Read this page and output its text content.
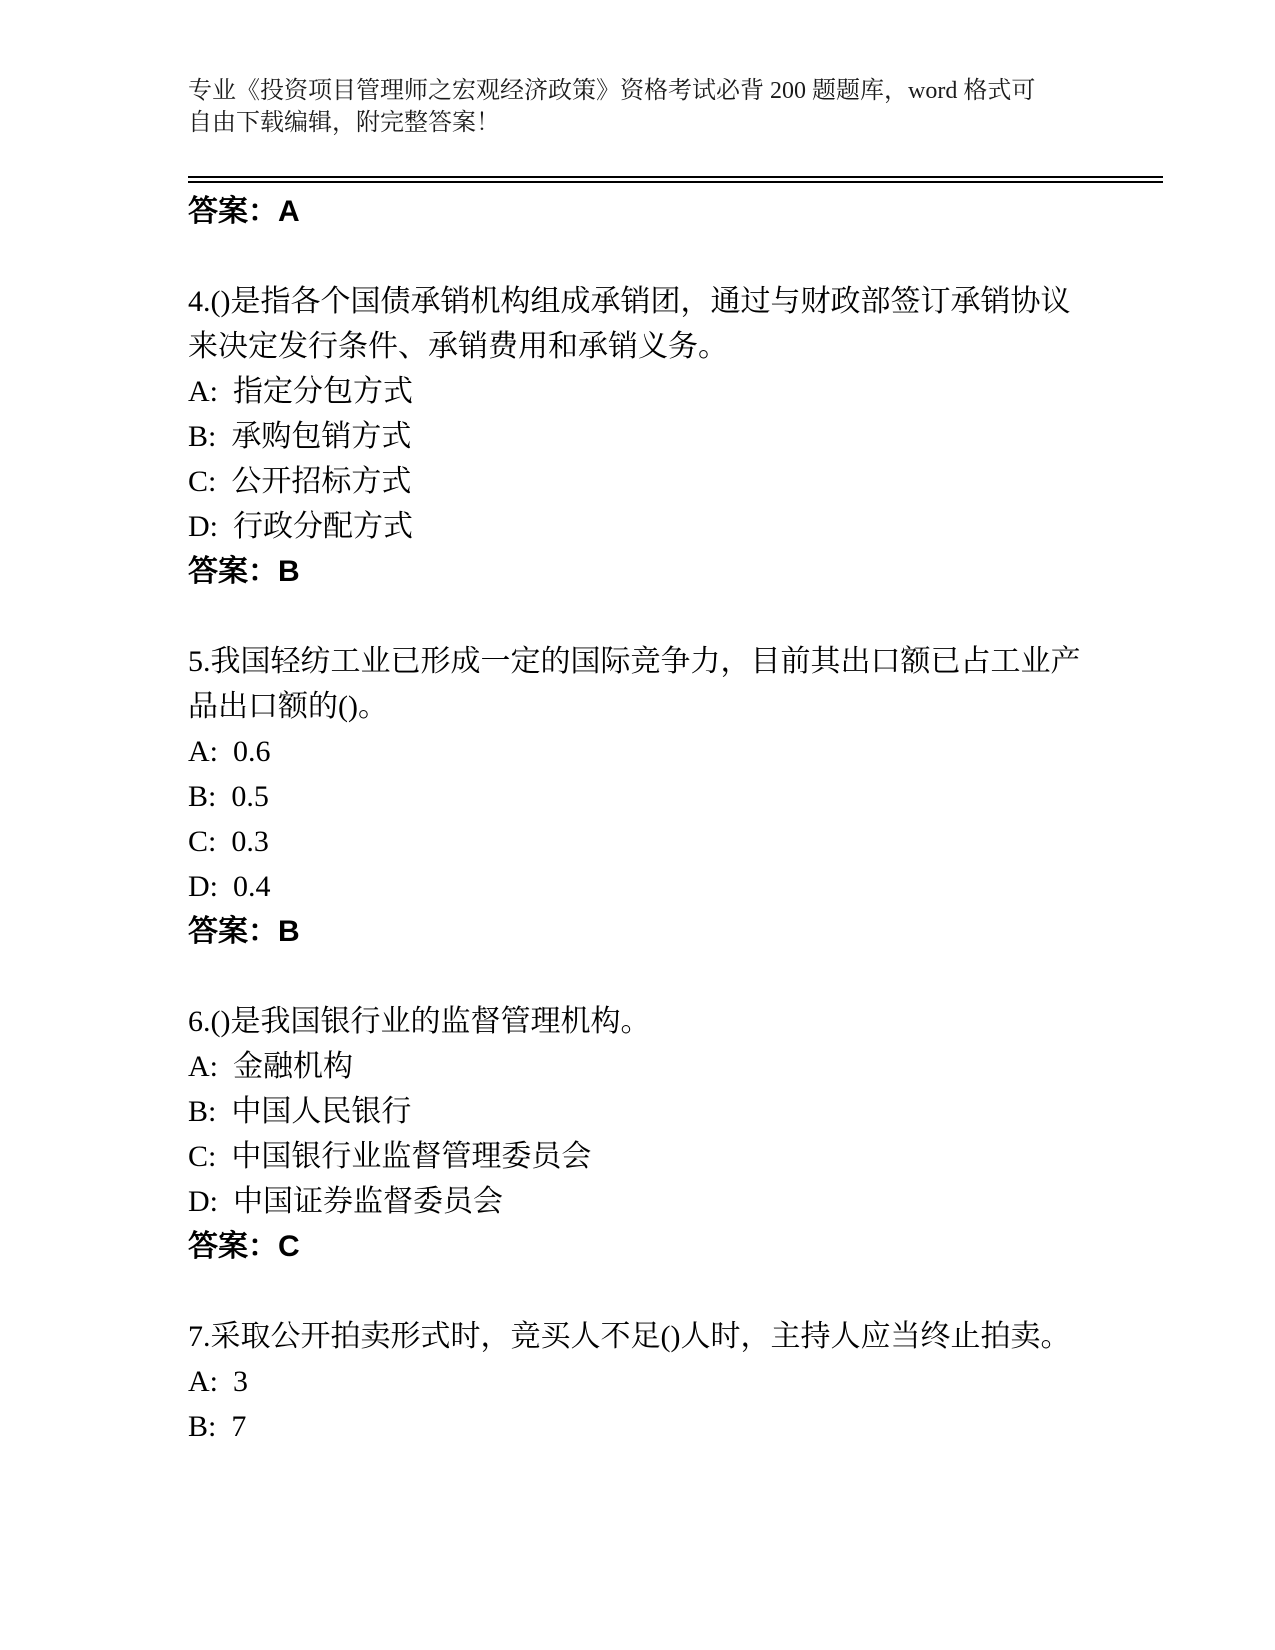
专业《投资项目管理师之宏观经济政策》资格考试必背 200 题题库，word 格式可
自由下载编辑，附完整答案！
答案：A
4.()是指各个国债承销机构组成承销团，通过与财政部签订承销协议
来决定发行条件、承销费用和承销义务。
A:  指定分包方式
B:  承购包销方式
C:  公开招标方式
D:  行政分配方式
答案：B
5.我国轻纺工业已形成一定的国际竞争力，目前其出口额已占工业产
品出口额的()。
A:  0.6
B:  0.5
C:  0.3
D:  0.4
答案：B
6.()是我国银行业的监督管理机构。
A:  金融机构
B:  中国人民银行
C:  中国银行业监督管理委员会
D:  中国证券监督委员会
答案：C
7.采取公开拍卖形式时，竞买人不足()人时，主持人应当终止拍卖。
A:  3
B:  7
